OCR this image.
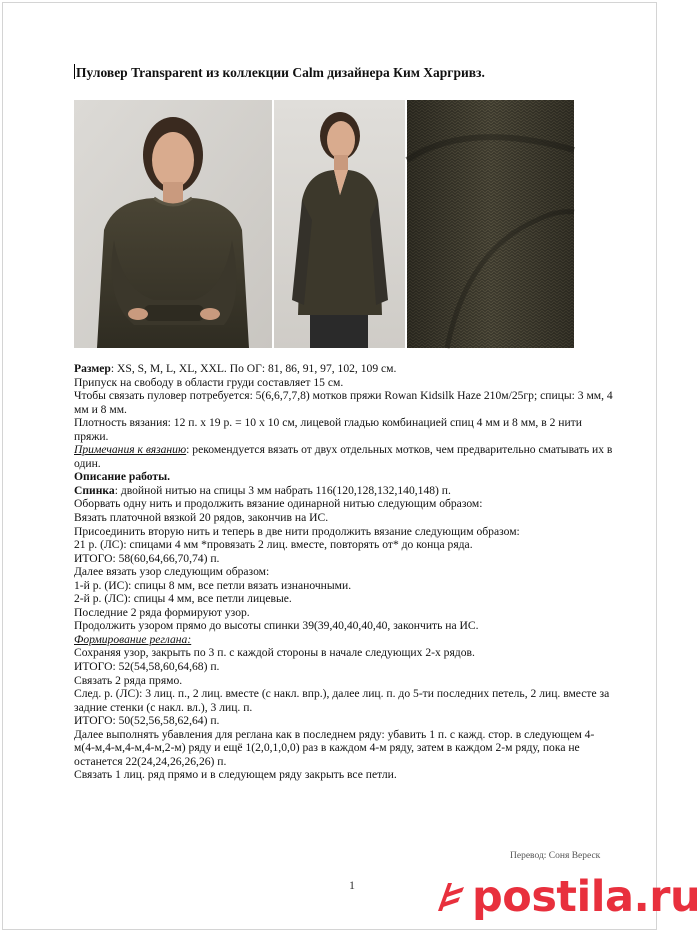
Пуловер Transparent из коллекции Calm дизайнера Ким Харгривз.

Размер: XS, S, M, L, XL, XXL. По ОГ: 81, 86, 91, 97, 102, 109 см.

Припуск на свободу в области груди составляет 15 см.

Чтобы связать пуловер потребуется: 5(6,6,7,7,8) мотков пряжи Rowan Kidsilk Haze 210м/25гр; спицы: 3 мм, 4 мм и 8 мм.

Плотность вязания: 12 п. х 19 р. = 10 х 10 см, лицевой гладью комбинацией спиц 4 мм и 8 мм, в 2 нити пряжи.

Примечания к вязанию: рекомендуется вязать от двух отдельных мотков, чем предварительно сматывать их в один.

Описание работы.

Спинка: двойной нитью на спицы 3 мм набрать 116(120,128,132,140,148) п.

Оборвать одну нить и продолжить вязание одинарной нитью следующим образом:

Вязать платочной вязкой 20 рядов, закончив на ИС.

Присоединить вторую нить и теперь в две нити продолжить вязание следующим образом:

21 р. (ЛС): спицами 4 мм *провязать 2 лиц. вместе, повторять от* до конца ряда.

ИТОГО: 58(60,64,66,70,74) п.

Далее вязать узор следующим образом:

1-й р. (ИС): спицы 8 мм, все петли вязать изнаночными.

2-й р. (ЛС): спицы 4 мм, все петли лицевые.

Последние 2 ряда формируют узор.

Продолжить узором прямо до высоты спинки 39(39,40,40,40,40, закончить на ИС.

Формирование реглана:

Сохраняя узор, закрыть по 3 п. с каждой стороны в начале следующих 2-х рядов.

ИТОГО: 52(54,58,60,64,68) п.

Связать 2 ряда прямо.

След. р. (ЛС): 3 лиц. п., 2 лиц. вместе (с накл. впр.), далее лиц. п. до 5-ти последних петель, 2 лиц. вместе за задние стенки (с накл. вл.), 3 лиц. п.

ИТОГО: 50(52,56,58,62,64) п.

Далее выполнять убавления для реглана как в последнем ряду: убавить 1 п. с кажд. стор. в следующем 4-м(4-м,4-м,4-м,4-м,2-м) ряду и ещё 1(2,0,1,0,0) раз в каждом 4-м ряду, затем в каждом 2-м ряду, пока не останется 22(24,24,26,26,26) п.

Связать 1 лиц. ряд прямо и в следующем ряду закрыть все петли.

Перевод: Соня Вереск
1	postila.ru
